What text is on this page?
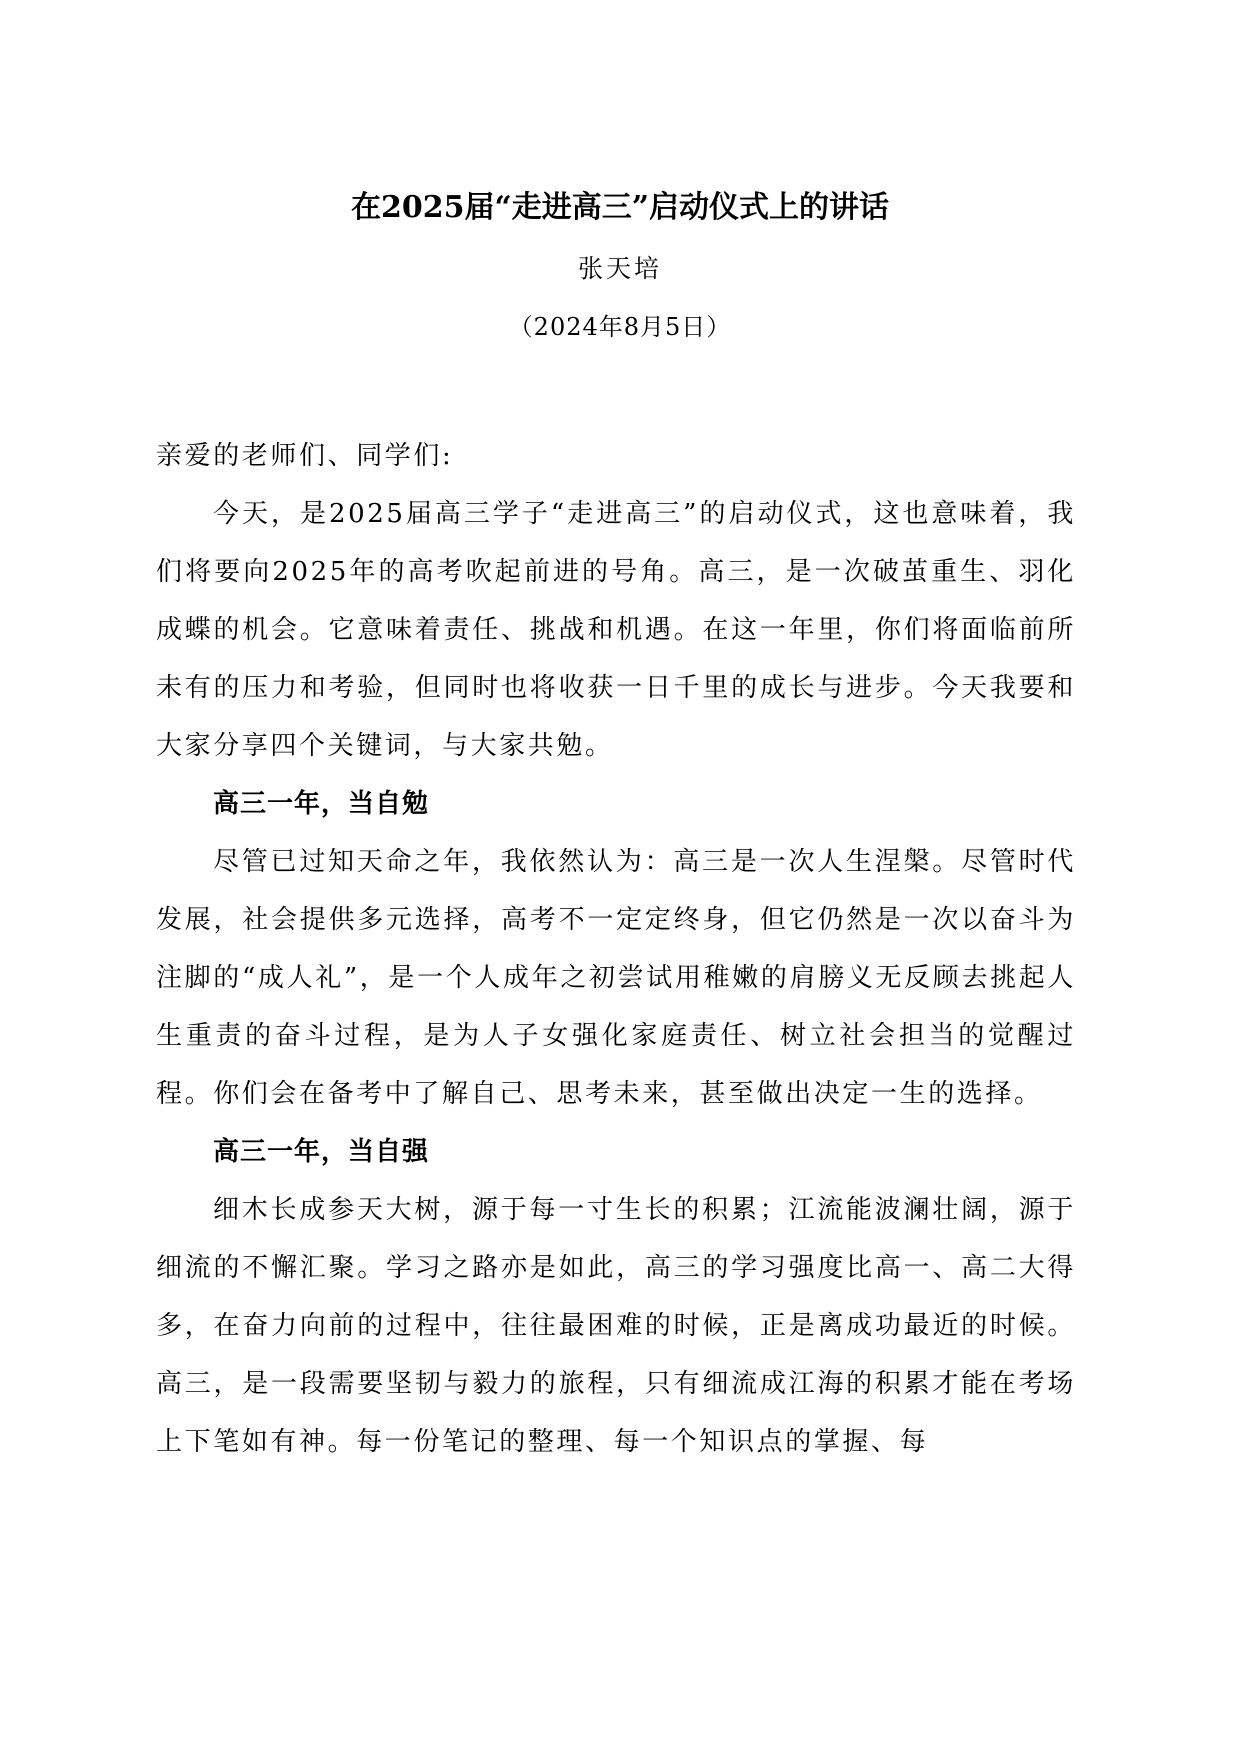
在2025届“走进高三”启动仪式上的讲话
张天培
（2024年8月5日）

亲爱的老师们、同学们:

今天，是2025届高三学子“走进高三”的启动仪式，这也意味着，我们将要向2025年的高考吹起前进的号角。高三，是一次破茧重生、羽化成蝶的机会。它意味着责任、挑战和机遇。在这一年里，你们将面临前所未有的压力和考验，但同时也将收获一日千里的成长与进步。今天我要和大家分享四个关键词，与大家共勉。

高三一年，当自勉

尽管已过知天命之年，我依然认为：高三是一次人生涅槃。尽管时代发展，社会提供多元选择，高考不一定定终身，但它仍然是一次以奋斗为注脚的“成人礼”，是一个人成年之初尝试用稚嫩的肩膀义无反顾去挑起人生重责的奋斗过程，是为人子女强化家庭责任、树立社会担当的觉醒过程。你们会在备考中了解自己、思考未来，甚至做出决定一生的选择。

高三一年，当自强

细木长成参天大树，源于每一寸生长的积累；江流能波澜壮阔，源于细流的不懈汇聚。学习之路亦是如此，高三的学习强度比高一、高二大得多，在奋力向前的过程中，往往最困难的时候，正是离成功最近的时候。高三，是一段需要坚韧与毅力的旅程，只有细流成江海的积累才能在考场上下笔如有神。每一份笔记的整理、每一个知识点的掌握、每
